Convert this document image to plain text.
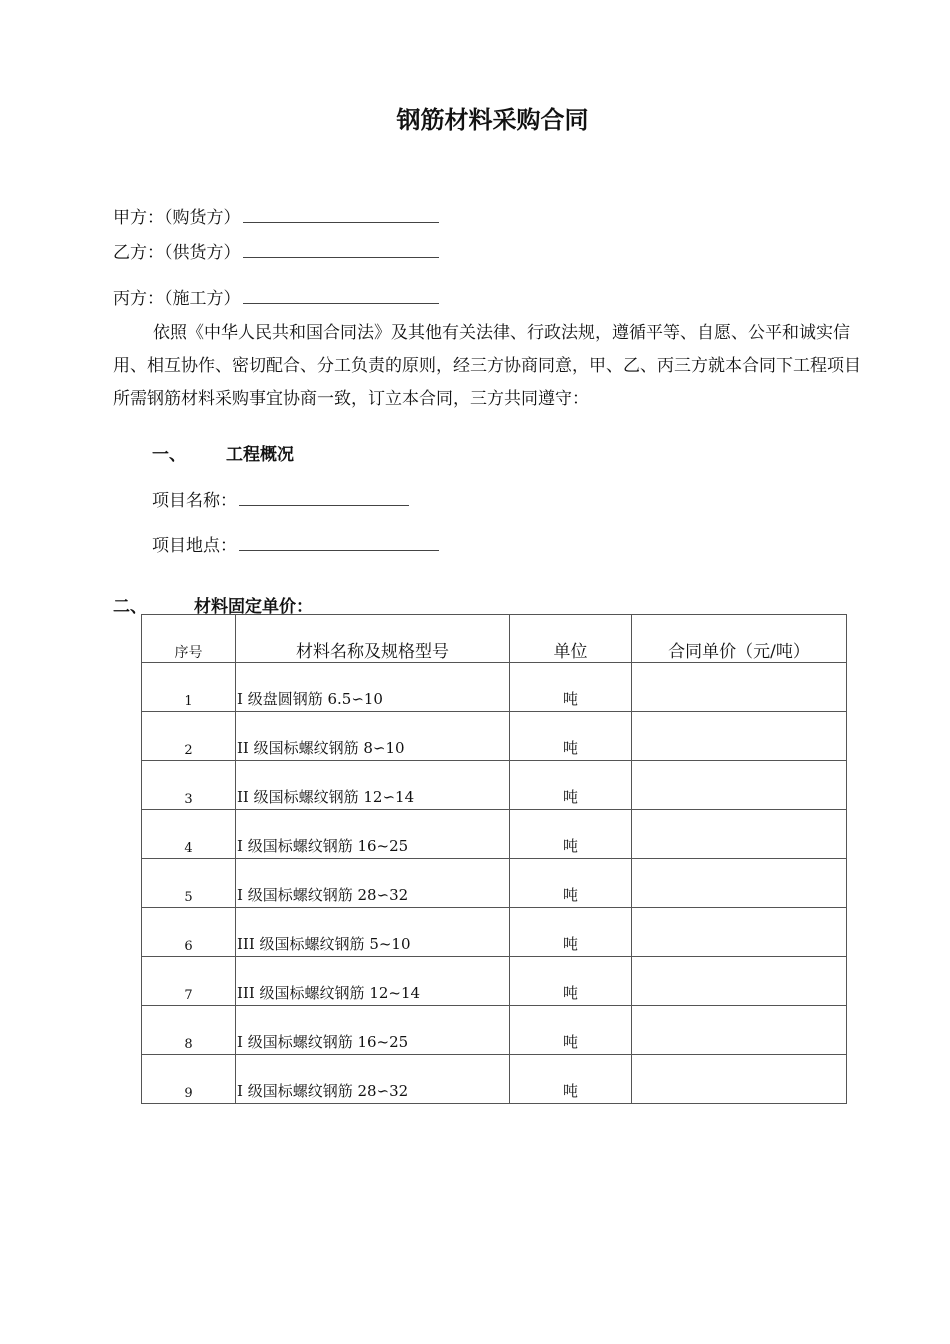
钢筋材料采购合同
甲方：（购货方）
乙方：（供货方）
丙方：（施工方）
依照《中华人民共和国合同法》及其他有关法律、行政法规，遵循平等、自愿、公平和诚实信用、相互协作、密切配合、分工负责的原则，经三方协商同意，甲、乙、丙三方就本合同下工程项目所需钢筋材料采购事宜协商一致，订立本合同，三方共同遵守：
一、 工程概况
项目名称：
项目地点：
二、	材料固定单价：
序号	材料名称及规格型号	单位	合同单价（元/吨）
1	I 级盘圆钢筋 6.5∽10	吨	
2	II 级国标螺纹钢筋 8∽10	吨	
3	II 级国标螺纹钢筋 12∽14	吨	
4	I 级国标螺纹钢筋 16~25	吨	
5	I 级国标螺纹钢筋 28∽32	吨	
6	III 级国标螺纹钢筋 5~10	吨	
7	III 级国标螺纹钢筋 12~14	吨	
8	I 级国标螺纹钢筋 16~25	吨	
9	I 级国标螺纹钢筋 28∽32	吨	
